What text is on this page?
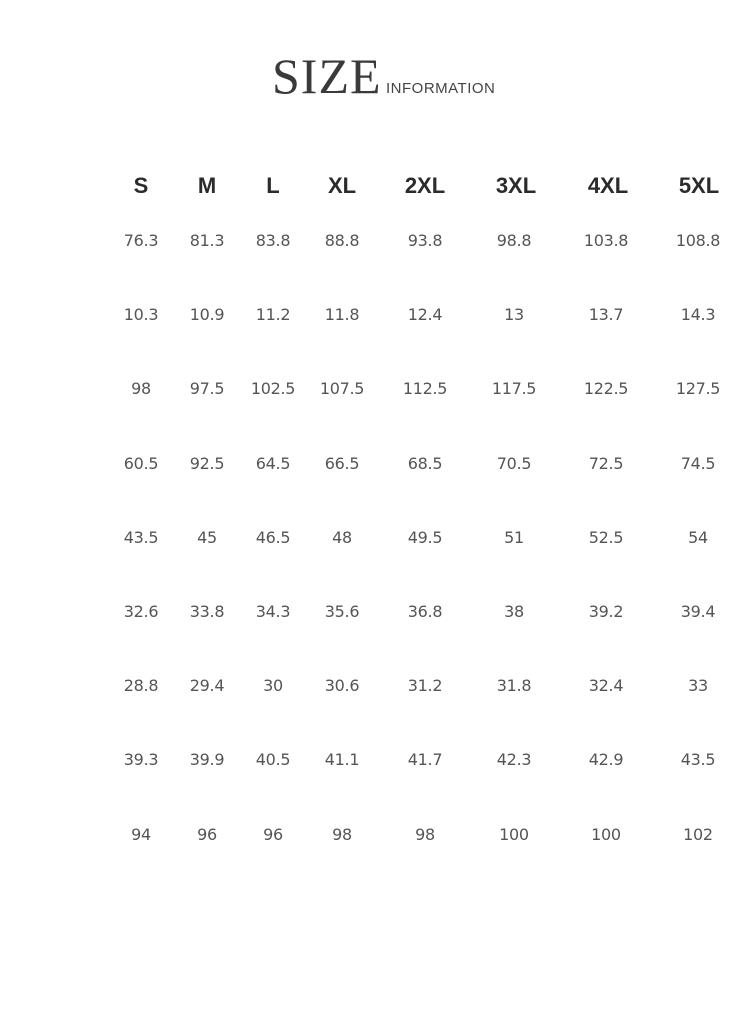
SIZE INFORMATION
S	M	L	XL	2XL	3XL	4XL	5XL
76.3	81.3	83.8	88.8	93.8	98.8	103.8	108.8
10.3	10.9	11.2	11.8	12.4	13	13.7	14.3
98	97.5	102.5	107.5	112.5	117.5	122.5	127.5
60.5	92.5	64.5	66.5	68.5	70.5	72.5	74.5
43.5	45	46.5	48	49.5	51	52.5	54
32.6	33.8	34.3	35.6	36.8	38	39.2	39.4
28.8	29.4	30	30.6	31.2	31.8	32.4	33
39.3	39.9	40.5	41.1	41.7	42.3	42.9	43.5
94	96	96	98	98	100	100	102
